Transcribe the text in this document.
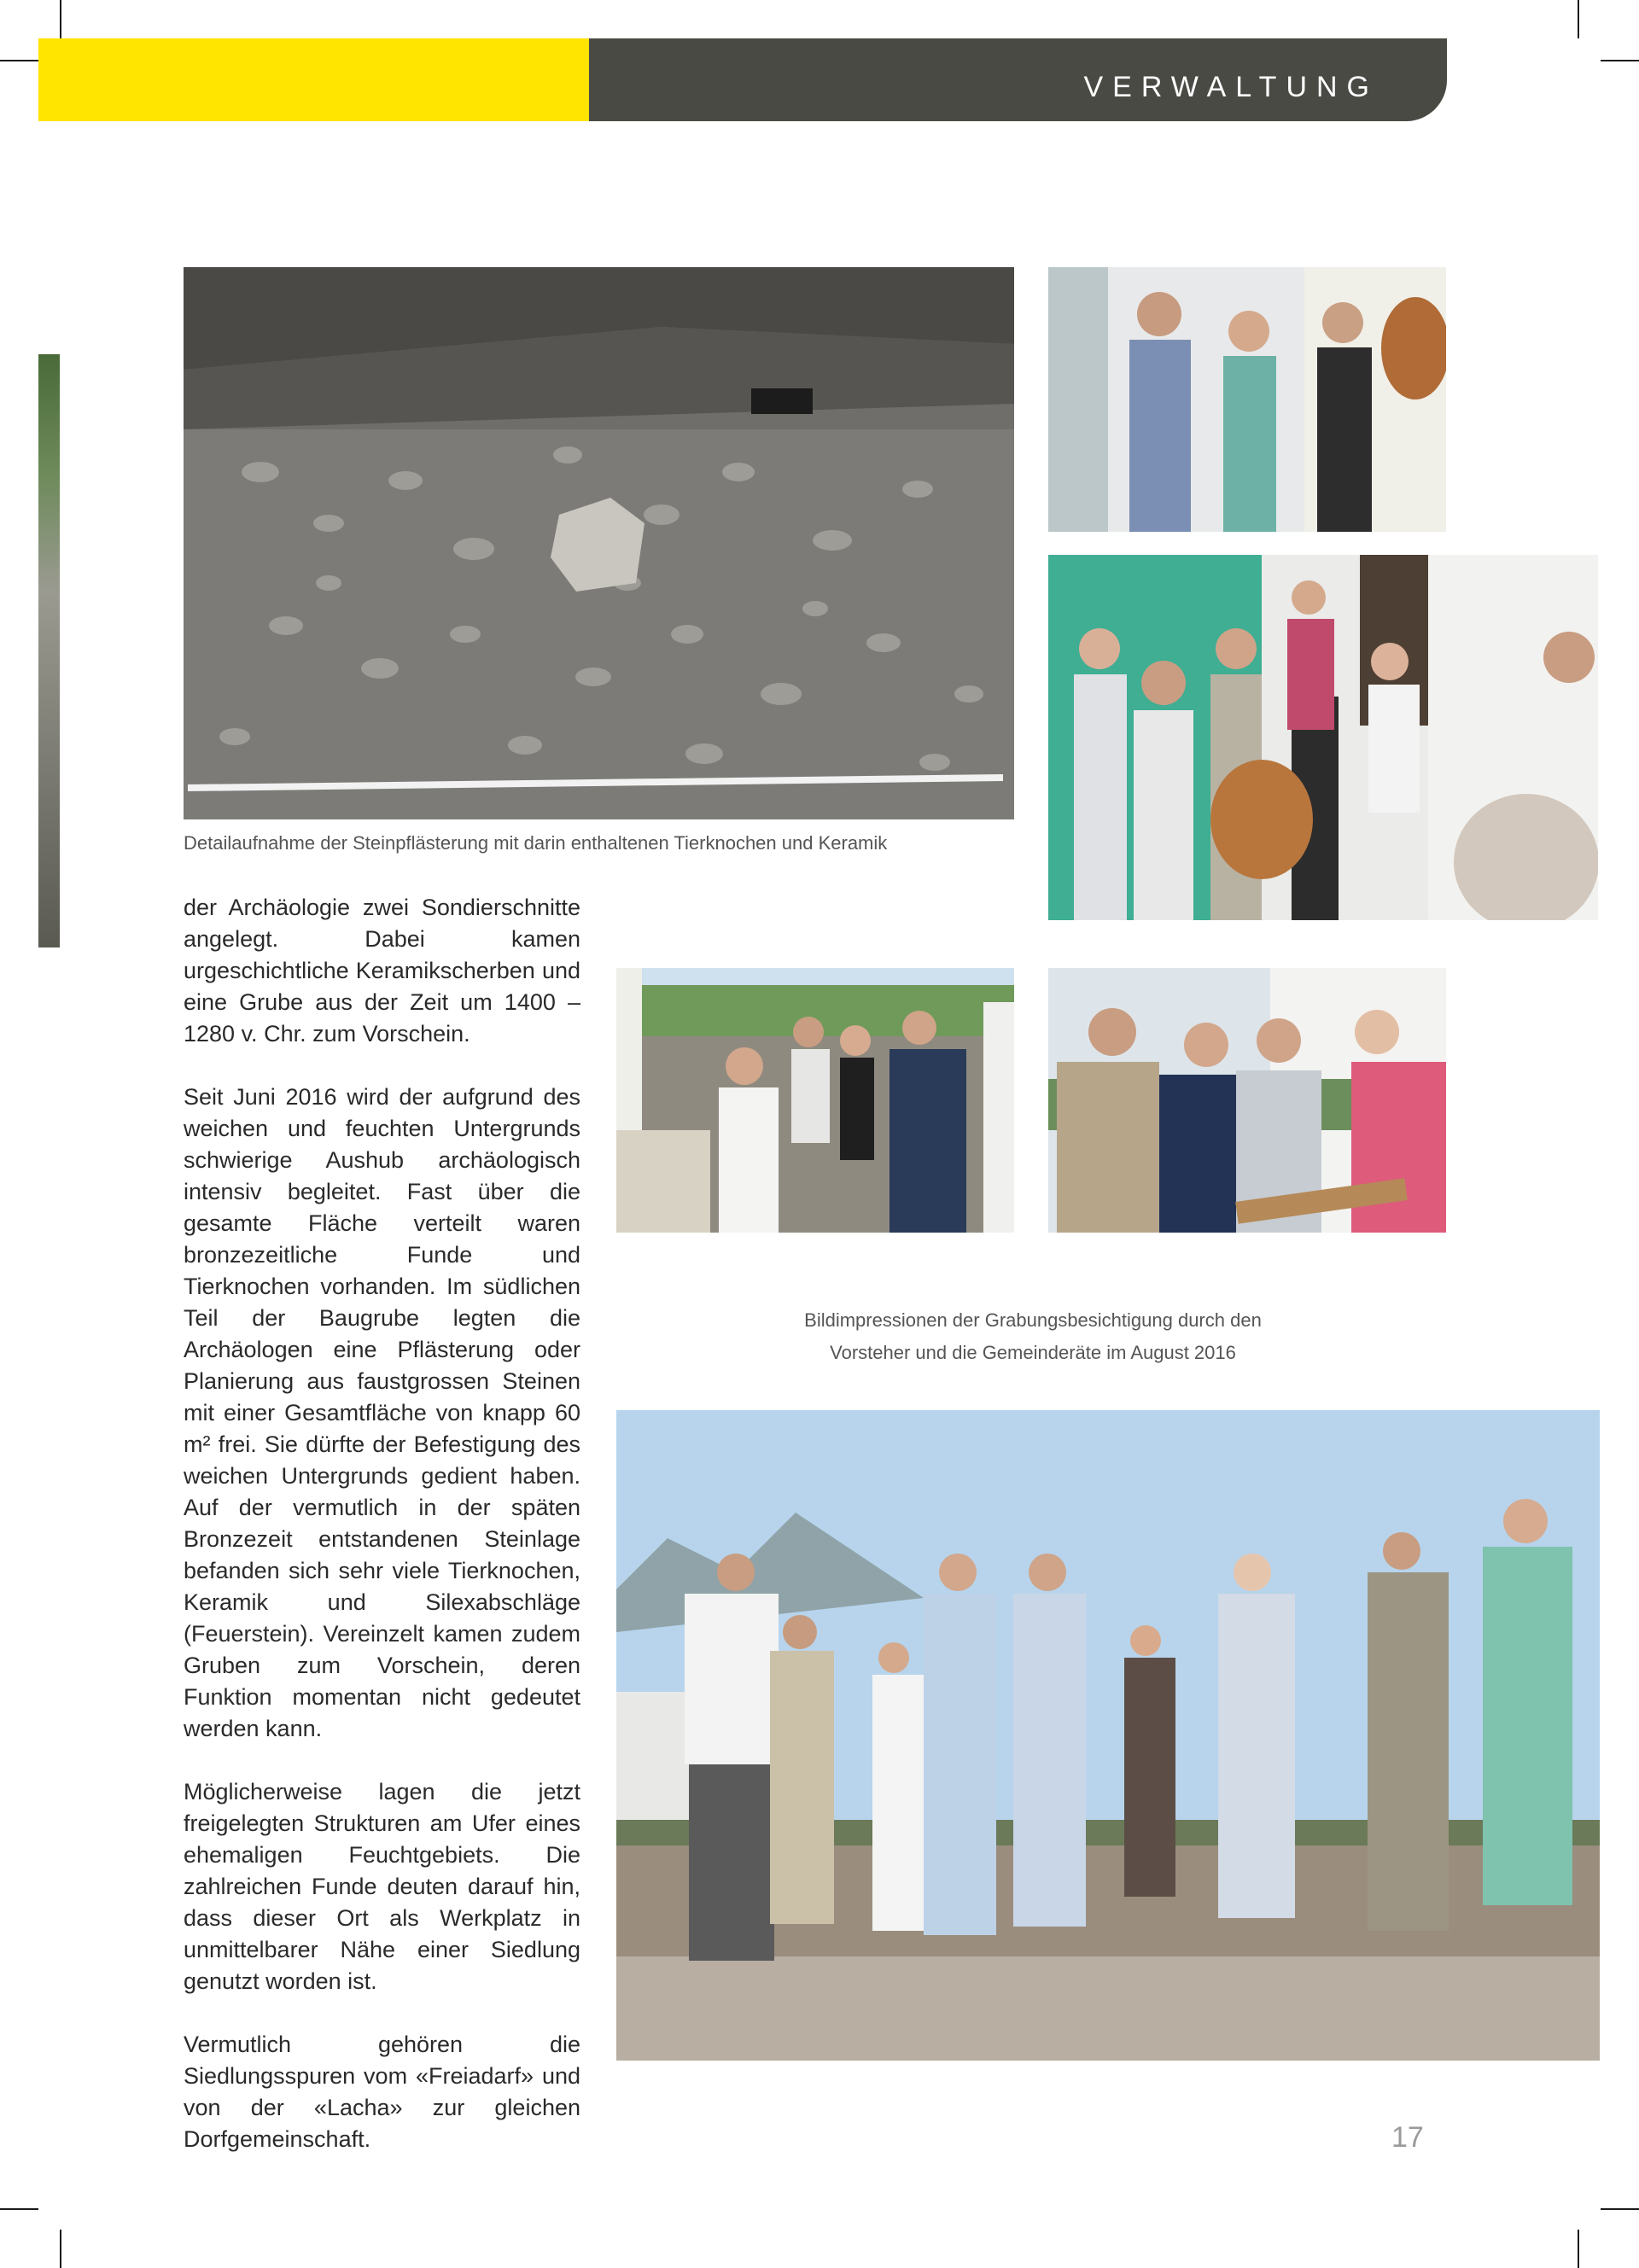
VERWALTUNG
Detailaufnahme der Steinpflästerung mit darin enthaltenen Tierknochen und Keramik
Bildimpressionen der Grabungsbesichtigung durch den
Vorsteher und die Gemeinderäte im August 2016

der Archäologie zwei Sondierschnitte angelegt. Dabei kamen urgeschichtliche Keramikscherben und eine Grube aus der Zeit um 1400 – 1280 v. Chr. zum Vorschein.

Seit Juni 2016 wird der aufgrund des weichen und feuchten Untergrunds schwierige Aushub archäologisch intensiv begleitet. Fast über die gesamte Fläche verteilt waren bronzezeitliche Funde und Tierknochen vorhanden. Im südlichen Teil der Baugrube legten die Archäologen eine Pflästerung oder Planierung aus faustgrossen Steinen mit einer Gesamtfläche von knapp 60 m² frei. Sie dürfte der Befestigung des weichen Untergrunds gedient haben. Auf der vermutlich in der späten Bronzezeit entstandenen Steinlage befanden sich sehr viele Tierknochen, Keramik und Silexabschläge (Feuerstein). Vereinzelt kamen zudem Gruben zum Vorschein, deren Funktion momentan nicht gedeutet werden kann.

Möglicherweise lagen die jetzt freigelegten Strukturen am Ufer eines ehemaligen Feuchtgebiets. Die zahlreichen Funde deuten darauf hin, dass dieser Ort als Werkplatz in unmittelbarer Nähe einer Siedlung genutzt worden ist.

Vermutlich gehören die Siedlungsspuren vom «Freiadarf» und von der «Lacha» zur gleichen Dorfgemeinschaft.	17
